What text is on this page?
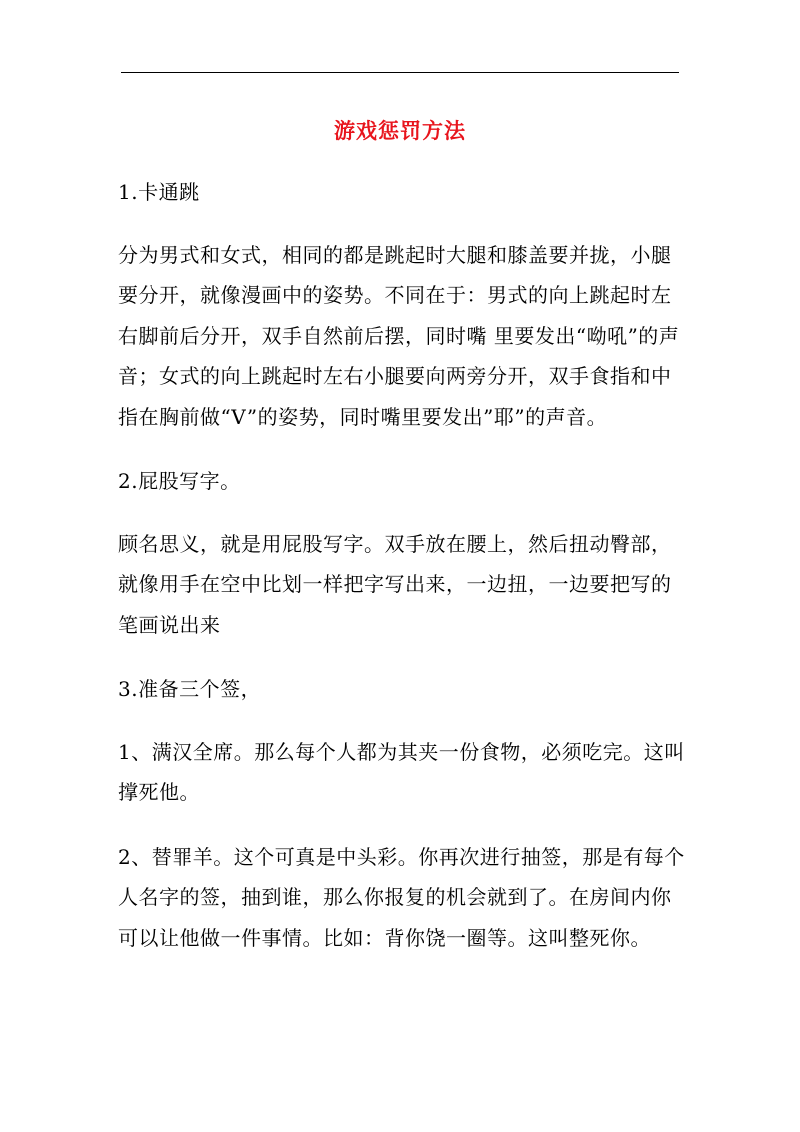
游戏惩罚方法

1.卡通跳

分为男式和女式，相同的都是跳起时大腿和膝盖要并拢，小腿要分开，就像漫画中的姿势。不同在于：男式的向上跳起时左右脚前后分开，双手自然前后摆，同时嘴 里要发出“呦吼”的声音；女式的向上跳起时左右小腿要向两旁分开，双手食指和中指在胸前做“V”的姿势，同时嘴里要发出”耶”的声音。

2.屁股写字。

顾名思义，就是用屁股写字。双手放在腰上，然后扭动臀部，就像用手在空中比划一样把字写出来，一边扭，一边要把写的笔画说出来

3.准备三个签，

1、满汉全席。那么每个人都为其夹一份食物，必须吃完。这叫撑死他。

2、替罪羊。这个可真是中头彩。你再次进行抽签，那是有每个人名字的签，抽到谁，那么你报复的机会就到了。在房间内你可以让他做一件事情。比如：背你饶一圈等。这叫整死你。
